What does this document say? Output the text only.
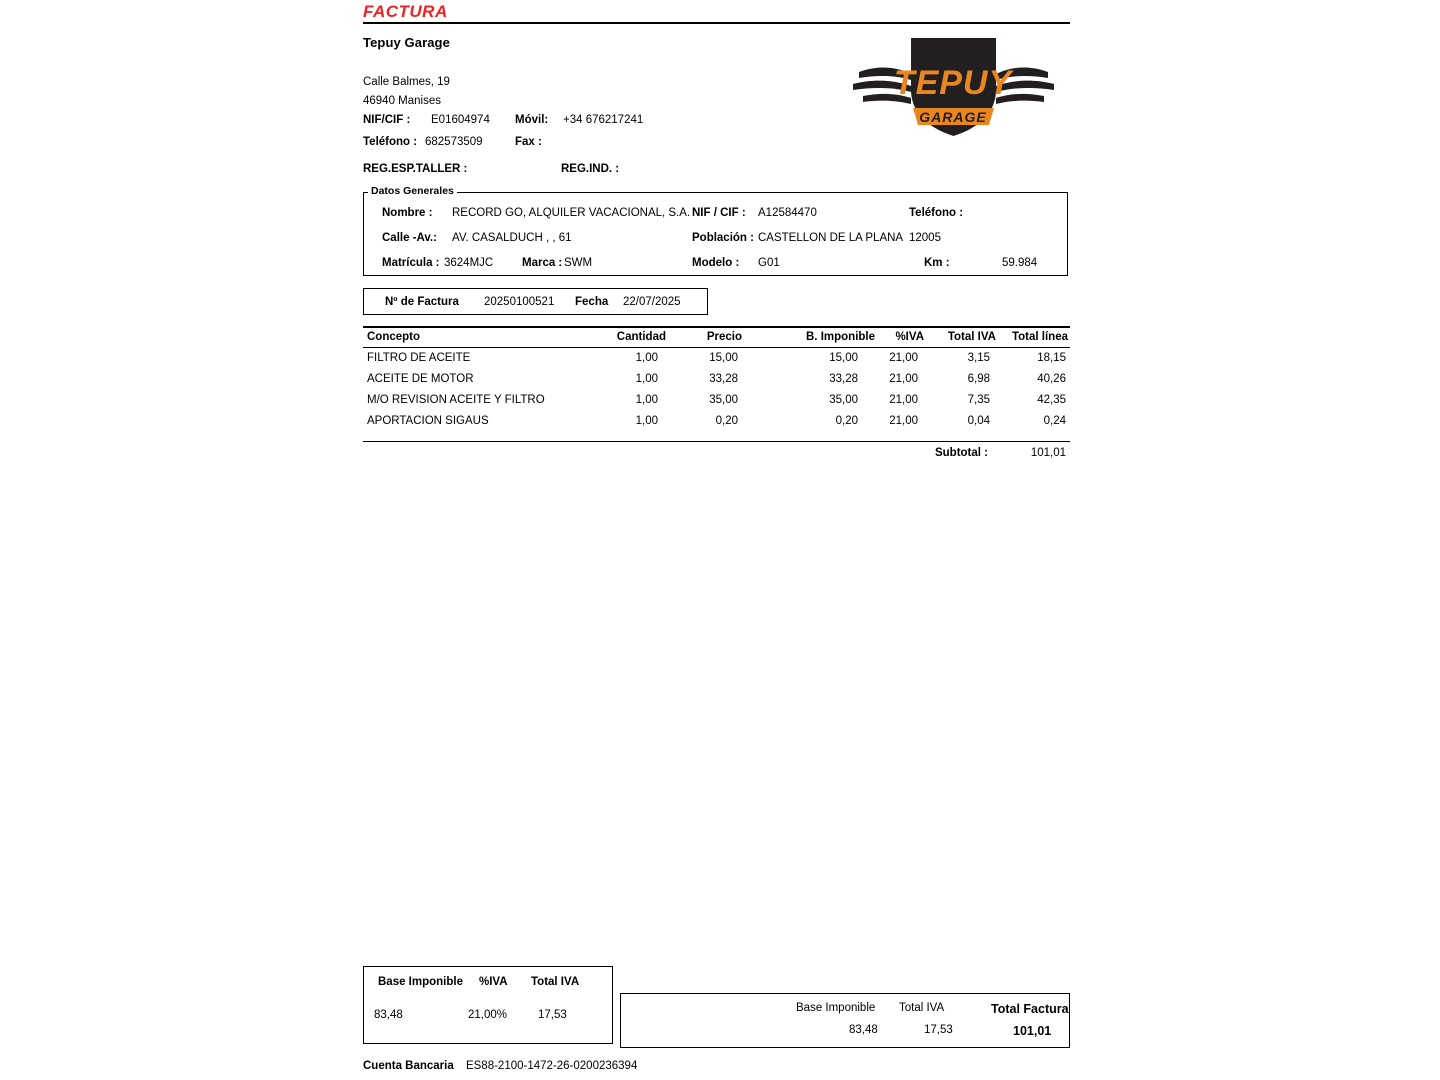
FACTURA
Tepuy Garage
Calle Balmes, 19
46940 Manises
NIF/CIF : E01604974 Móvil: +34 676217241
Teléfono : 682573509	Fax :
REG.ESP.TALLER :	REG.IND. :
TEPUY
GARAGE
Datos Generales
Nombre : RECORD GO, ALQUILER VACACIONAL, S.A. NIF / CIF : A12584470	Teléfono :
Calle -Av.: AV. CASALDUCH , , 61	Población : CASTELLON DE LA PLANA 12005
Matrícula : 3624MJC	Marca : SWM	Modelo : G01	Km :	59.984
Nº de Factura 20250100521 Fecha 22/07/2025
Concepto	Cantidad	Precio	B. Imponible %IVA Total IVA Total línea
FILTRO DE ACEITE	1,00	15,00	15,00	21,00	3,15	18,15
ACEITE DE MOTOR	1,00	33,28	33,28	21,00	6,98	40,26
M/O REVISION ACEITE Y FILTRO	1,00	35,00	35,00	21,00	7,35	42,35
APORTACION SIGAUS	1,00	0,20	0,20	21,00	0,04	0,24
Subtotal :	101,01
Base Imponible %IVA Total IVA
83,48	21,00%	17,53
Base Imponible Total IVA	Total Factura
83,48	17,53	101,01
Cuenta Bancaria ES88-2100-1472-26-0200236394
